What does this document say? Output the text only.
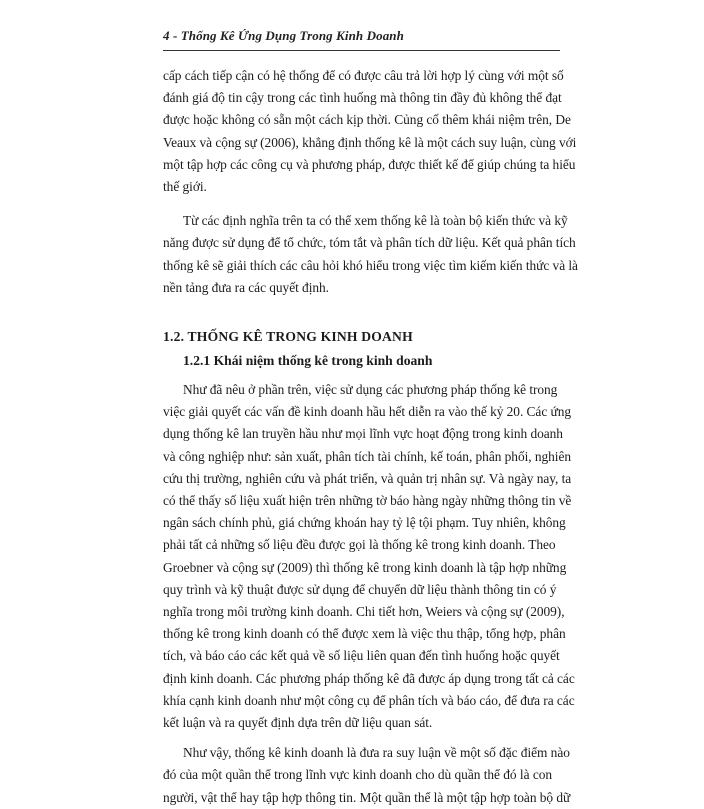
4 - Thống Kê Ứng Dụng Trong Kinh Doanh

cấp cách tiếp cận có hệ thống để có được câu trả lời hợp lý cùng với một số
đánh giá độ tin cậy trong các tình huống mà thông tin đầy đủ không thể đạt
được hoặc không có sẵn một cách kịp thời. Củng cố thêm khái niệm trên, De
Veaux và cộng sự (2006), khẳng định thống kê là một cách suy luận, cùng với
một tập hợp các công cụ và phương pháp, được thiết kế để giúp chúng ta hiểu
thế giới.

Từ các định nghĩa trên ta có thể xem thống kê là toàn bộ kiến thức và kỹ
năng được sử dụng để tổ chức, tóm tắt và phân tích dữ liệu. Kết quả phân tích
thống kê sẽ giải thích các câu hỏi khó hiểu trong việc tìm kiếm kiến thức và là
nền tảng đưa ra các quyết định.

1.2. THỐNG KÊ TRONG KINH DOANH
1.2.1 Khái niệm thống kê trong kinh doanh

Như đã nêu ở phần trên, việc sử dụng các phương pháp thống kê trong
việc giải quyết các vấn đề kinh doanh hầu hết diễn ra vào thế kỷ 20. Các ứng
dụng thống kê lan truyền hầu như mọi lĩnh vực hoạt động trong kinh doanh
và công nghiệp như: sản xuất, phân tích tài chính, kế toán, phân phối, nghiên
cứu thị trường, nghiên cứu và phát triển, và quản trị nhân sự. Và ngày nay, ta
có thể thấy số liệu xuất hiện trên những tờ báo hàng ngày những thông tin về
ngân sách chính phủ, giá chứng khoán hay tỷ lệ tội phạm. Tuy nhiên, không
phải tất cả những số liệu đều được gọi là thống kê trong kinh doanh. Theo
Groebner và cộng sự (2009) thì thống kê trong kinh doanh là tập hợp những
quy trình và kỹ thuật được sử dụng để chuyển dữ liệu thành thông tin có ý
nghĩa trong môi trường kinh doanh. Chi tiết hơn, Weiers và cộng sự (2009),
thống kê trong kinh doanh có thể được xem là việc thu thập, tổng hợp, phân
tích, và báo cáo các kết quả về số liệu liên quan đến tình huống hoặc quyết
định kinh doanh. Các phương pháp thống kê đã được áp dụng trong tất cả các
khía cạnh kinh doanh như một công cụ để phân tích và báo cáo, để đưa ra các
kết luận và ra quyết định dựa trên dữ liệu quan sát.

Như vậy, thống kê kinh doanh là đưa ra suy luận về một số đặc điểm nào
đó của một quần thể trong lĩnh vực kinh doanh cho dù quần thể đó là con
người, vật thể hay tập hợp thông tin. Một quần thể là một tập hợp toàn bộ dữ
